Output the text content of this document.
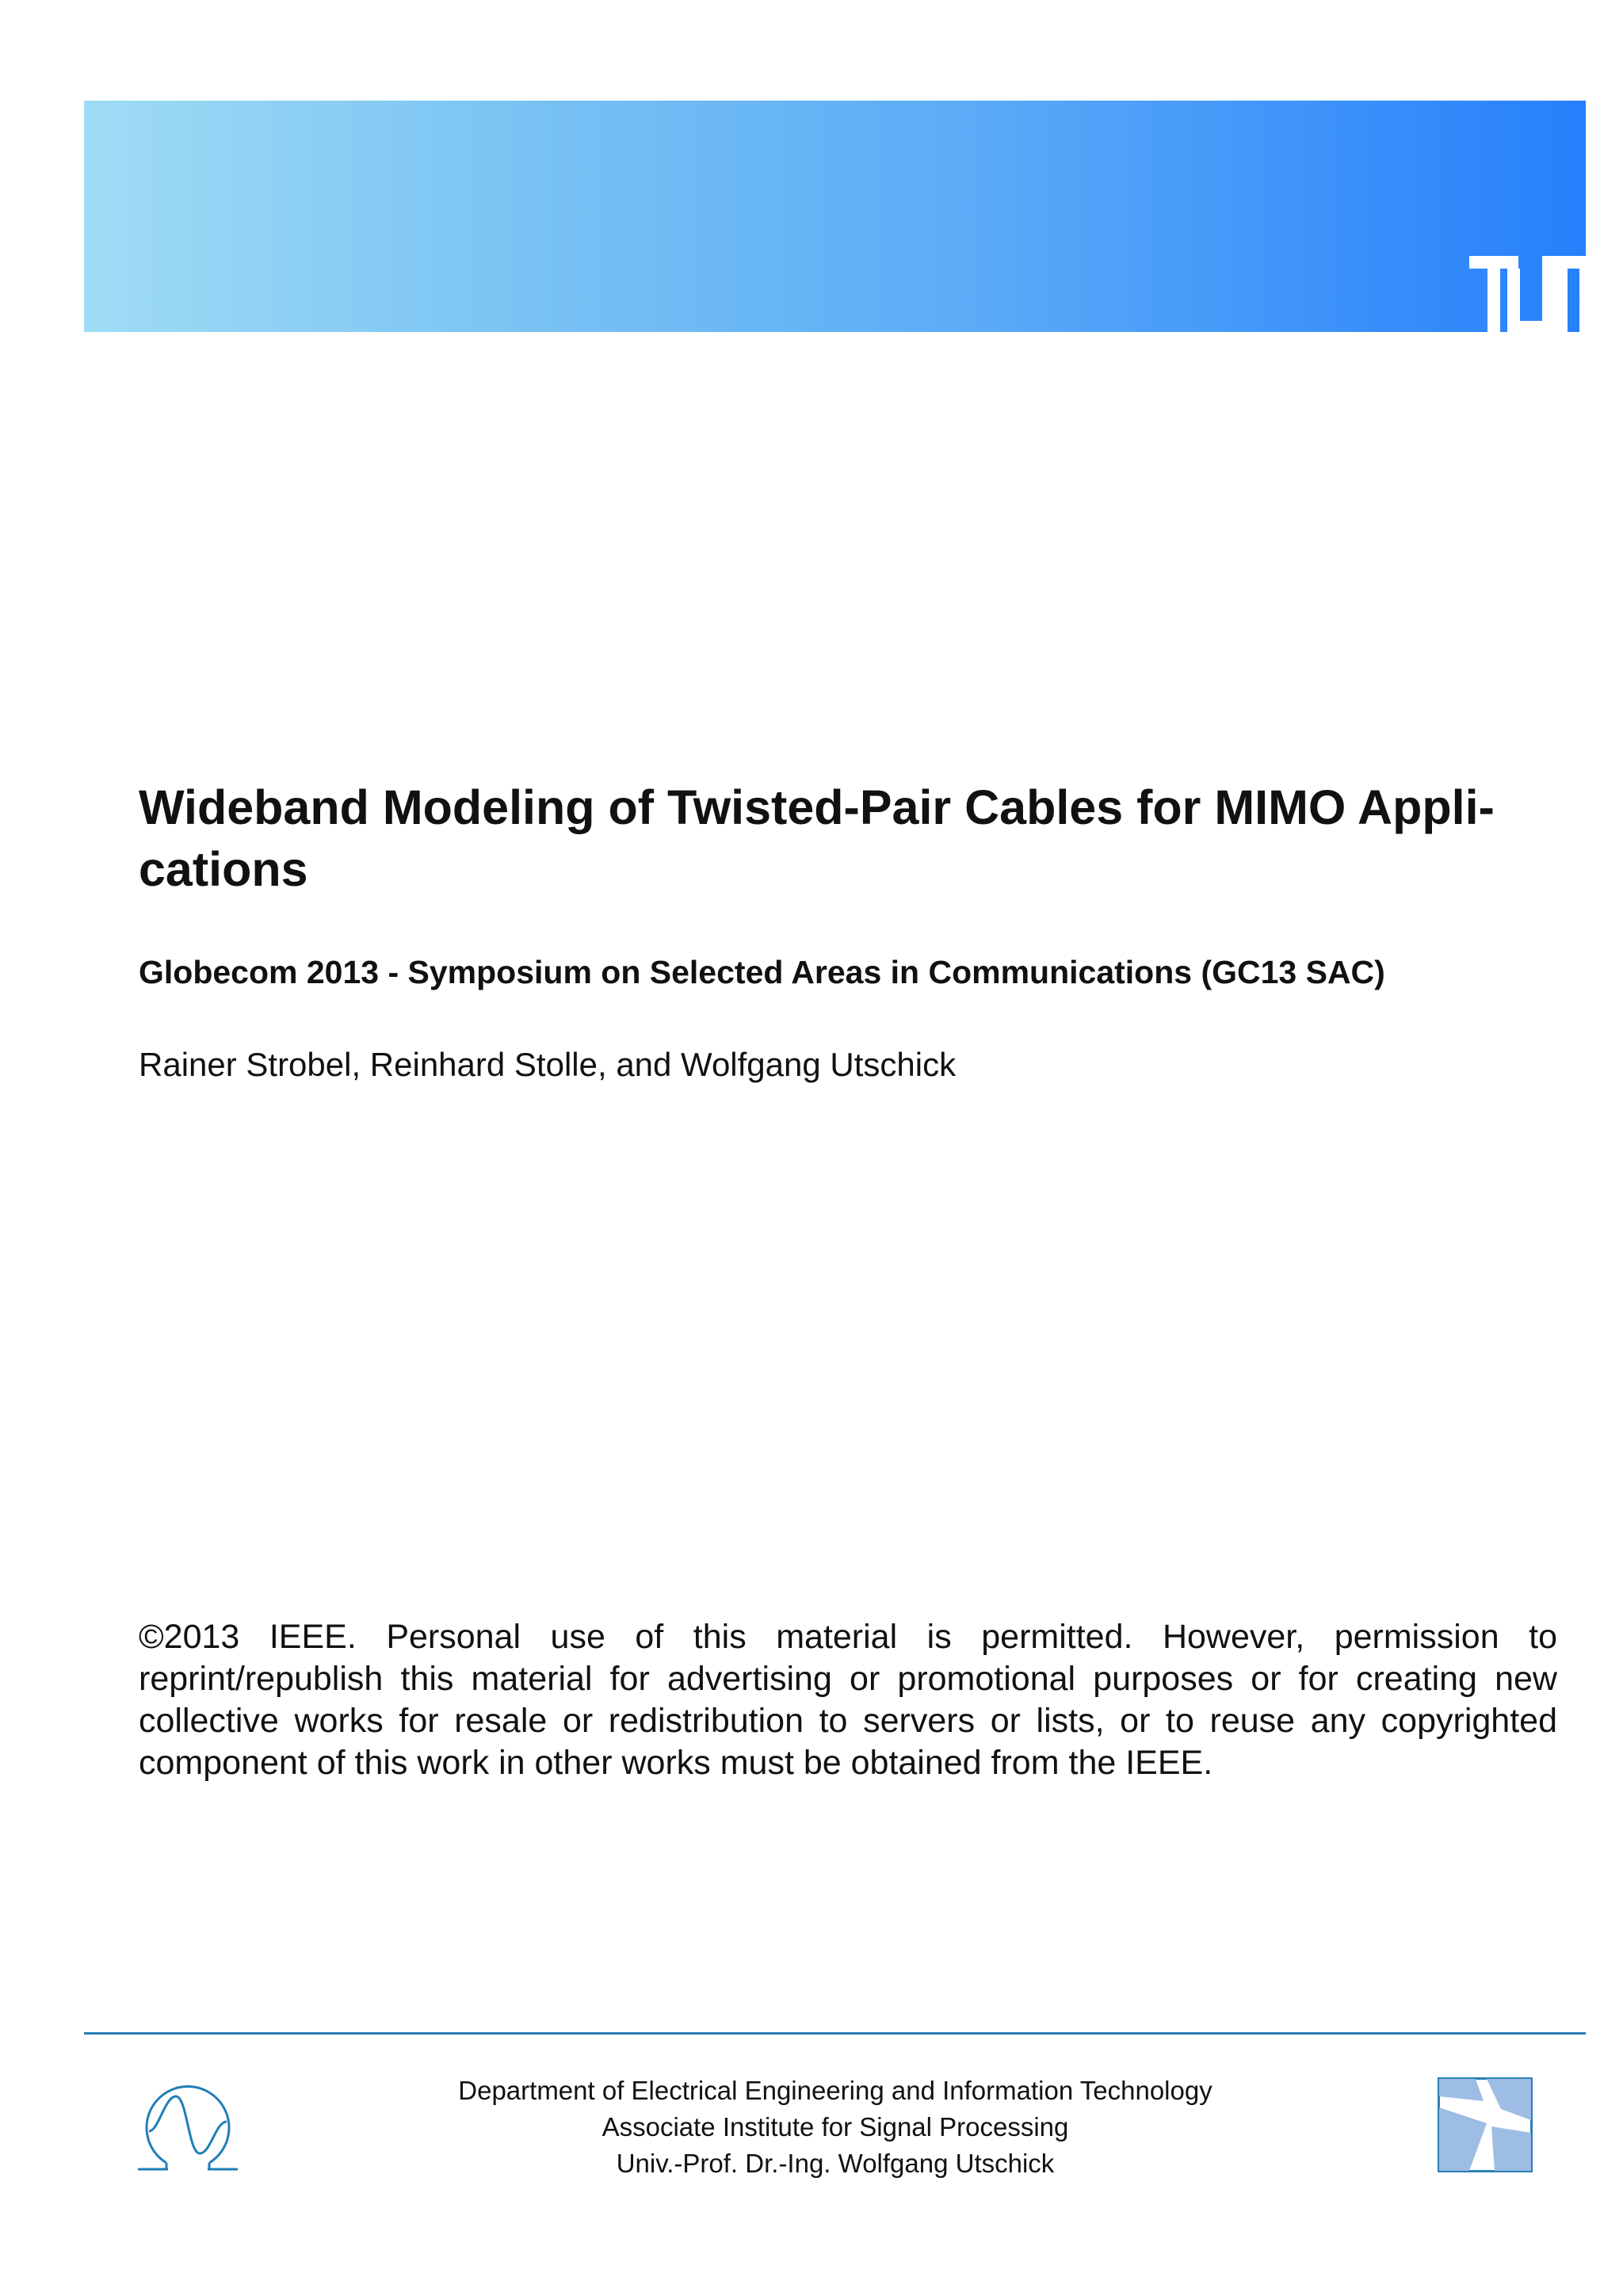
Technische Universität München
Wideband Modeling of Twisted-Pair Cables for MIMO Applications
Globecom 2013 - Symposium on Selected Areas in Communications (GC13 SAC)
Rainer Strobel, Reinhard Stolle, and Wolfgang Utschick
©2013 IEEE. Personal use of this material is permitted. However, permission to reprint/republish this material for advertising or promotional purposes or for creating new collective works for resale or redistribution to servers or lists, or to reuse any copyrighted component of this work in other works must be obtained from the IEEE.
Department of Electrical Engineering and Information Technology
Associate Institute for Signal Processing
Univ.-Prof. Dr.-Ing. Wolfgang Utschick
